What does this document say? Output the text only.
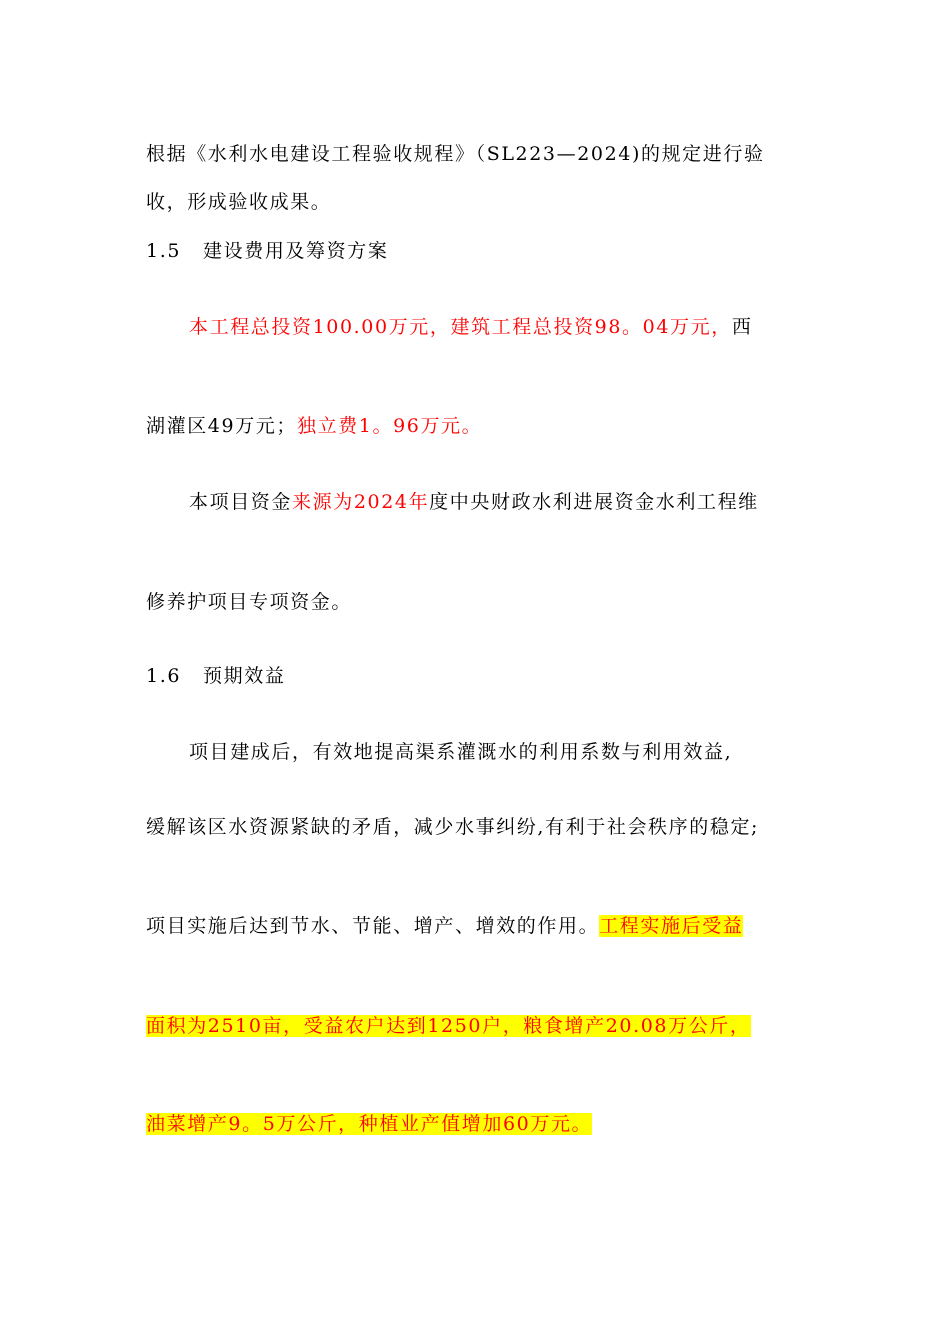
根据《水利水电建设工程验收规程》（SL223—2024)的规定进行验
收，形成验收成果。
1.5 建设费用及筹资方案
本工程总投资100.00万元，建筑工程总投资98。04万元，西
湖灌区49万元；独立费1。96万元。
本项目资金来源为2024年度中央财政水利进展资金水利工程维
修养护项目专项资金。
1.6 预期效益
项目建成后，有效地提高渠系灌溉水的利用系数与利用效益,
缓解该区水资源紧缺的矛盾，减少水事纠纷,有利于社会秩序的稳定;
项目实施后达到节水、节能、增产、增效的作用。工程实施后受益
面积为2510亩，受益农户达到1250户，粮食增产20.08万公斤，
油菜增产9。5万公斤，种植业产值增加60万元。
